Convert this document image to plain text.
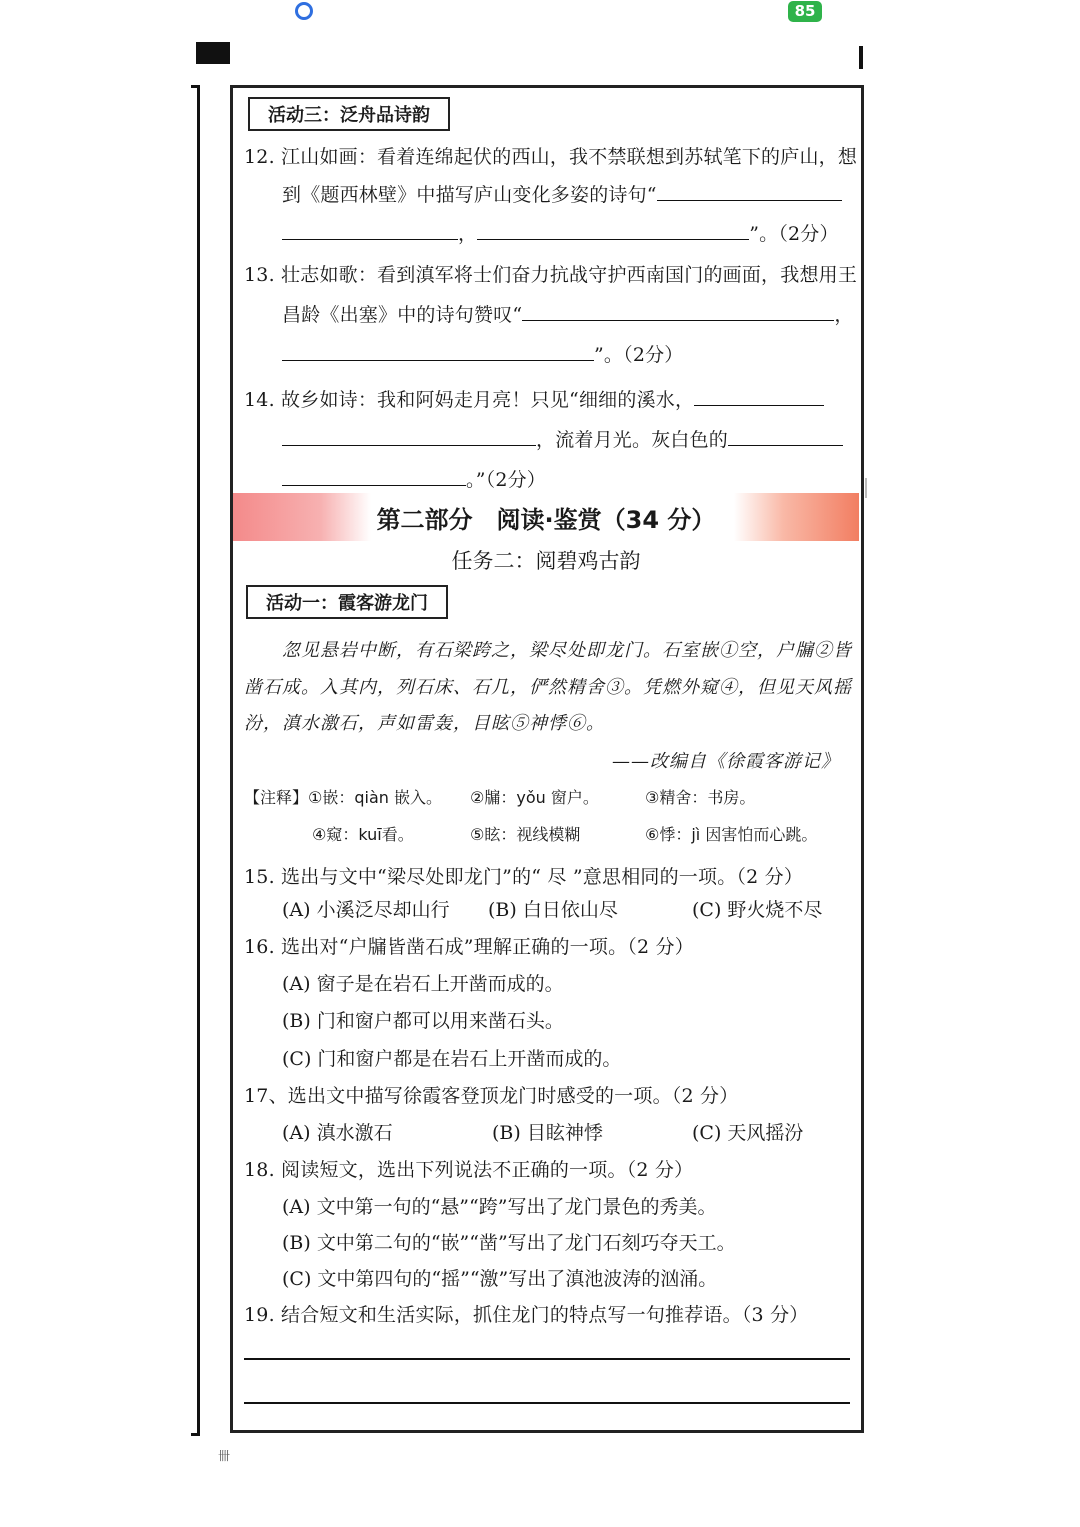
85
活动三：泛舟品诗韵
12. 江山如画：看着连绵起伏的西山，我不禁联想到苏轼笔下的庐山，想
到《题西林壁》中描写庐山变化多姿的诗句“
，	”。（2分）
13. 壮志如歌：看到滇军将士们奋力抗战守护西南国门的画面，我想用王
昌龄《出塞》中的诗句赞叹“	，
”。（2分）
14. 故乡如诗：我和阿妈走月亮！只见“细细的溪水，
，流着月光。灰白色的
。”（2分）
第二部分　阅读·鉴赏（34 分）
任务二：阅碧鸡古韵
活动一：霞客游龙门
忽见悬岩中断，有石梁跨之，梁尽处即龙门。石室嵌①空，户牖②皆
凿石成。入其内，列石床、石几，俨然精舍③。凭燃外窥④，但见天风摇
汾，滇水激石，声如雷轰，目眩⑤神悸⑥。
——改编自《徐霞客游记》
【注释】①嵌：qiàn 嵌入。 ②牖：yǒu 窗户。	③精舍：书房。
④窥：kuī看。	⑤眩：视线模糊	⑥悸：jì 因害怕而心跳。
15. 选出与文中“梁尽处即龙门”的“ 尽 ”意思相同的一项。（2 分）
(A) 小溪泛尽却山行 (B) 白日依山尽	(C) 野火烧不尽
16. 选出对“户牖皆凿石成”理解正确的一项。（2 分）
(A) 窗子是在岩石上开凿而成的。
(B) 门和窗户都可以用来凿石头。
(C) 门和窗户都是在岩石上开凿而成的。
17、选出文中描写徐霞客登顶龙门时感受的一项。（2 分）
(A) 滇水激石	(B) 目眩神悸	(C) 天风摇汾
18. 阅读短文，选出下列说法不正确的一项。（2 分）
(A) 文中第一句的“悬”“跨”写出了龙门景色的秀美。
(B) 文中第二句的“嵌”“凿”写出了龙门石刻巧夺天工。
(C) 文中第四句的“摇”“激”写出了滇池波涛的汹涌。
19. 结合短文和生活实际，抓住龙门的特点写一句推荐语。（3 分）
卌
